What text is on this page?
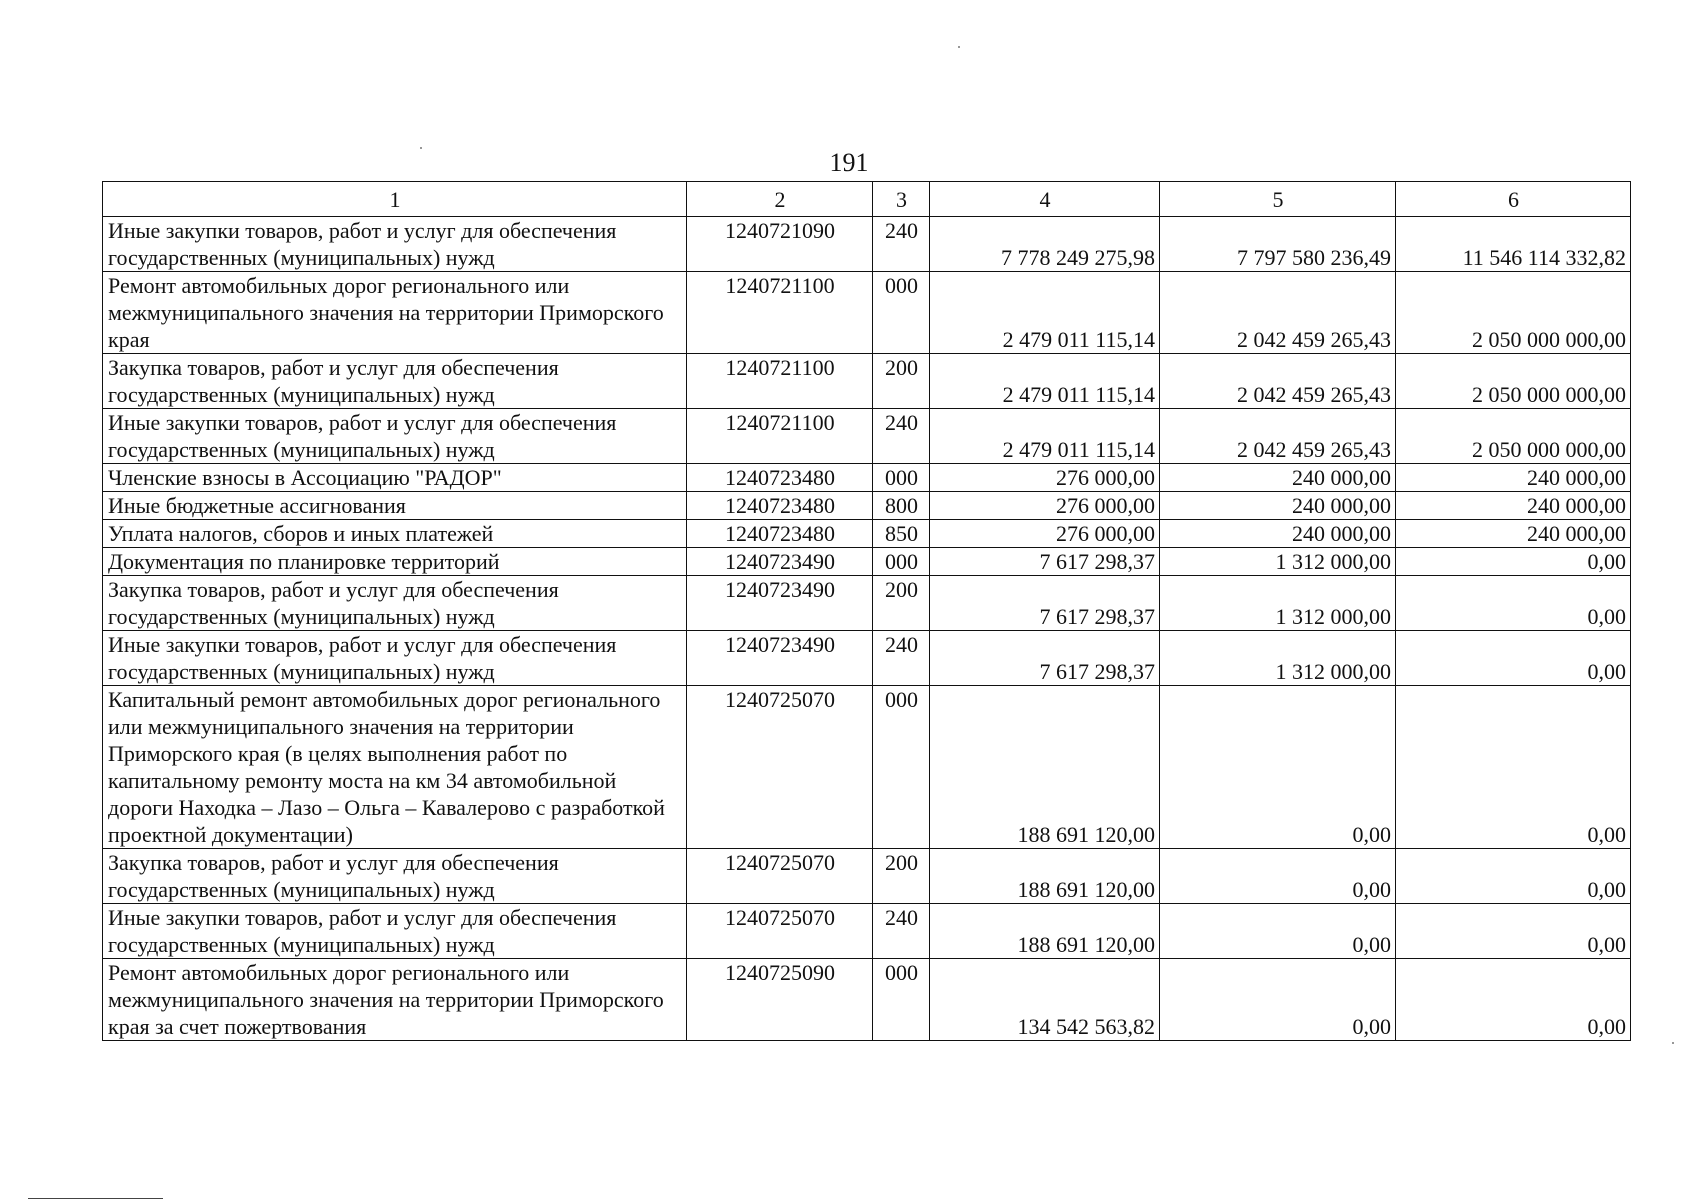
191
1	2	3	4	5	6
Иные закупки товаров, работ и услуг для обеспечения государственных (муниципальных) нужд	1240721090	240	7 778 249 275,98	7 797 580 236,49	11 546 114 332,82
Ремонт автомобильных дорог регионального или межмуниципального значения на территории Приморского края	1240721100	000	2 479 011 115,14	2 042 459 265,43	2 050 000 000,00
Закупка товаров, работ и услуг для обеспечения государственных (муниципальных) нужд	1240721100	200	2 479 011 115,14	2 042 459 265,43	2 050 000 000,00
Иные закупки товаров, работ и услуг для обеспечения государственных (муниципальных) нужд	1240721100	240	2 479 011 115,14	2 042 459 265,43	2 050 000 000,00
Членские взносы в Ассоциацию "РАДОР"	1240723480	000	276 000,00	240 000,00	240 000,00
Иные бюджетные ассигнования	1240723480	800	276 000,00	240 000,00	240 000,00
Уплата налогов, сборов и иных платежей	1240723480	850	276 000,00	240 000,00	240 000,00
Документация по планировке территорий	1240723490	000	7 617 298,37	1 312 000,00	0,00
Закупка товаров, работ и услуг для обеспечения государственных (муниципальных) нужд	1240723490	200	7 617 298,37	1 312 000,00	0,00
Иные закупки товаров, работ и услуг для обеспечения государственных (муниципальных) нужд	1240723490	240	7 617 298,37	1 312 000,00	0,00
Капитальный ремонт автомобильных дорог регионального или межмуниципального значения на территории Приморского края (в целях выполнения работ по капитальному ремонту моста на км 34 автомобильной дороги Находка – Лазо – Ольга – Кавалерово с разработкой проектной документации)	1240725070	000	188 691 120,00	0,00	0,00
Закупка товаров, работ и услуг для обеспечения государственных (муниципальных) нужд	1240725070	200	188 691 120,00	0,00	0,00
Иные закупки товаров, работ и услуг для обеспечения государственных (муниципальных) нужд	1240725070	240	188 691 120,00	0,00	0,00
Ремонт автомобильных дорог регионального или межмуниципального значения на территории Приморского края за счет пожертвования	1240725090	000	134 542 563,82	0,00	0,00
